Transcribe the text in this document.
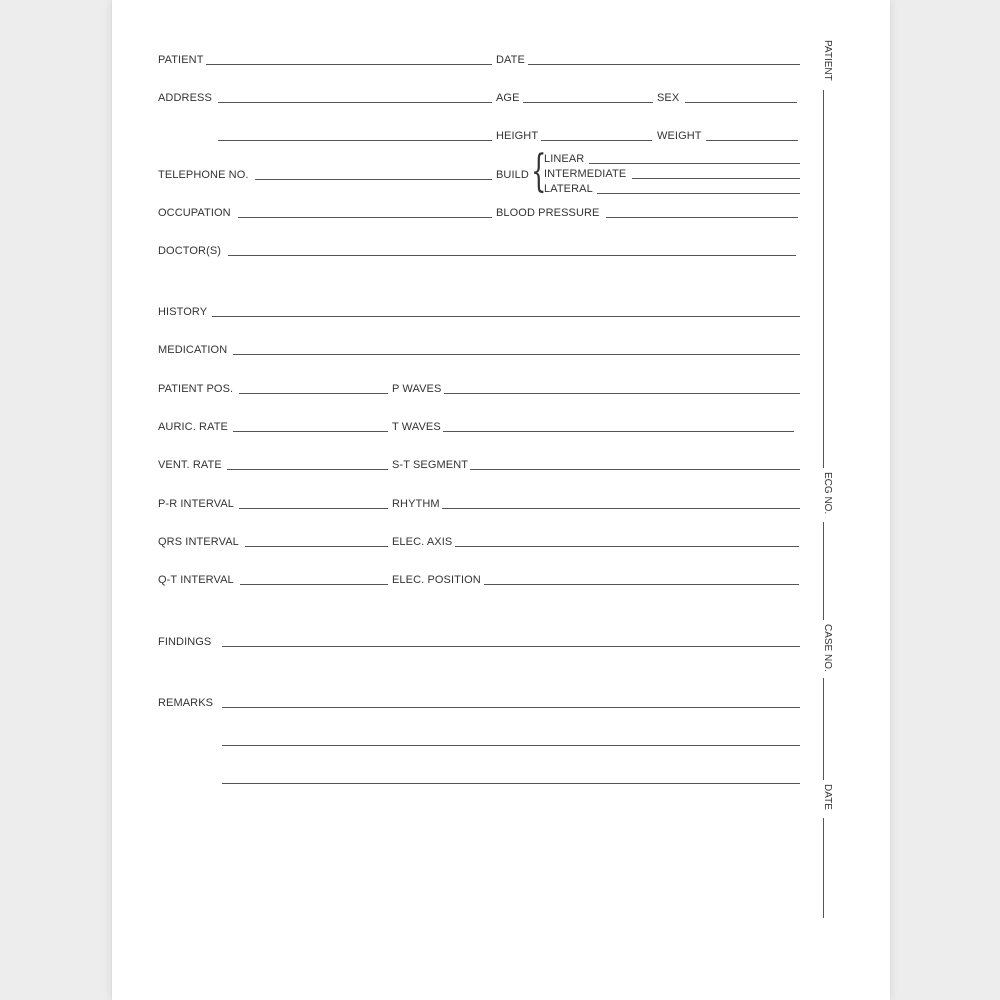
PATIENT	DATE
ADDRESS	AGE	SEX
HEIGHT	WEIGHT
TELEPHONE NO.	BUILD {
LINEAR
INTERMEDIATE
LATERAL
OCCUPATION	BLOOD PRESSURE
DOCTOR(S)
HISTORY
MEDICATION
PATIENT POS.	P WAVES
AURIC. RATE	T WAVES
VENT. RATE	S-T SEGMENT
P-R INTERVAL	RHYTHM
QRS INTERVAL	ELEC. AXIS
Q-T INTERVAL	ELEC. POSITION
FINDINGS
REMARKS
PATIENT
ECG NO.
CASE NO.
DATE
